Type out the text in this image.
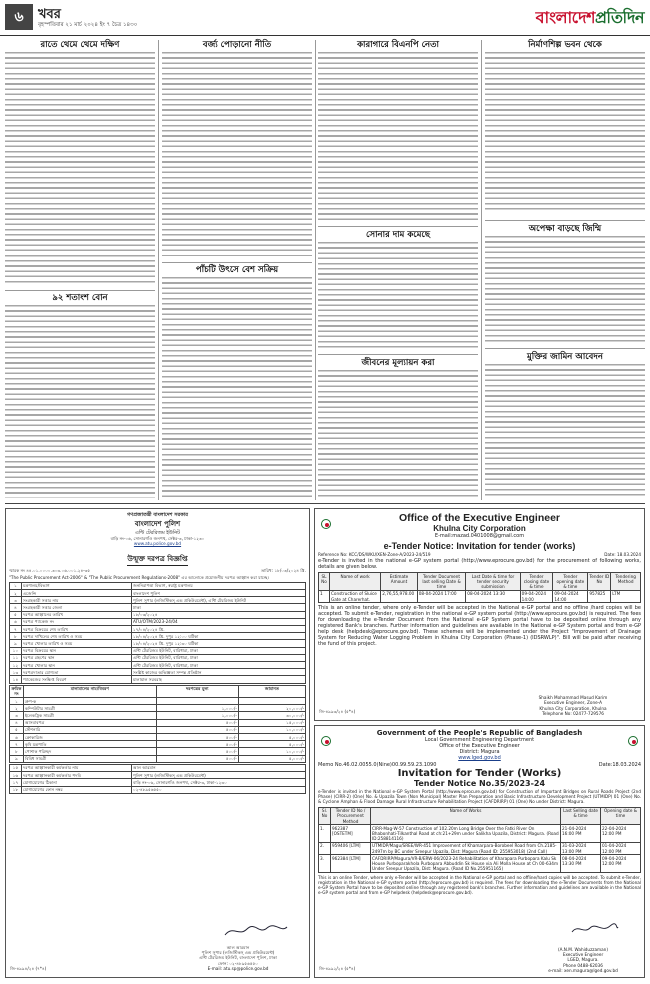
৬	খবর
বৃহস্পতিবার ২১ মার্চ ২০২৪ ইং ৭ চৈত্র ১৪৩০	বাংলাদেশ প্রতিদিন
রাতে থেমে থেমে দক্ষিণ	বর্জ্য পোড়ানো নীতি	কারাগারে বিএনপি নেতা	নির্মাণশিল্প ভবন থেকে
অপেক্ষা বাড়ছে জিম্মি
মুক্তির জামিন আবেদন
৯২ শতাংশ বোন
পাঁচটি উৎসে বেশ সক্রিয়
সোনার দাম কমেছে
জীবনের মূল্যায়ন করা
গণপ্রজাতন্ত্রী বাংলাদেশ সরকার
বাংলাদেশ পুলিশ
এন্টি টেররিজম ইউনিট
বাড়ি নং-০৬, সোনারগাঁও জনপথ, সেক্টর-৩, ঢাকা-১২৩০
www.atu.police.gov.bd
উন্মুক্ত দরপত্র বিজ্ঞপ্তি
স্মারক নং ৪৪.০১.০০০০.৩০৩.০৬.০০১.২৪-৩৫	তারিখ: ১৮/০৩/২০২৪ খ্রি.
"The Public Procurement Act-2006" & "The Public Procurement Regulations-2008" এর আলোকে প্রয়োজনীয় দরপত্র আহ্বান করা যাচ্ছে।
১	মন্ত্রণালয়/বিভাগ	জননিরাপত্তা বিভাগ, স্বরাষ্ট্র মন্ত্রণালয়
২	এজেন্সি	বাংলাদেশ পুলিশ
৩	সংগ্রহকারী সত্তার নাম	পুলিশ সুপার (লজিস্টিকস্ এন্ড প্রকিউরমেন্ট), এন্টি টেররিজম ইউনিট
৪	সংগ্রহকারী সত্তার জেলা	ঢাকা
৫	দরপত্র আহ্বানের তারিখ	১৮/০৩/২০২৪
৬	দরপত্র প্যাকেজ নং	ATU/OTM/2023-24/04
৭	দরপত্র বিক্রয়ের শেষ তারিখ	১৭/০৪/২০২৪ খ্রি.
৮	দরপত্র দাখিলের শেষ তারিখ ও সময়	১৮/০৪/২০২৪ খ্রি. দুপুর ১২:০০ ঘটিকা
৯	দরপত্র খোলার তারিখ ও সময়	১৮/০৪/২০২৪ খ্রি. দুপুর ১২:৩০ ঘটিকা
১০	দরপত্র বিক্রয়ের স্থান	এন্টি টেররিজম ইউনিট, বারিধারা, ঢাকা
১১	দরপত্র গ্রহণের স্থান	এন্টি টেররিজম ইউনিট, বারিধারা, ঢাকা
১২	দরপত্র খোলার স্থান	এন্টি টেররিজম ইউনিট, বারিধারা, ঢাকা
১৩	দরপত্রদাতার যোগ্যতা	সংশ্লিষ্ট কাজের অভিজ্ঞতা সম্পন্ন প্রতিষ্ঠান
১৪	প্যাকেজের সংক্ষিপ্ত বিবরণ	মালামাল সরবরাহ
ক্রমিক নং	মালামালের নাম/বিবরণ	দরপত্রের মূল্য	জামানত
১	গ্রুপ-ক		
২	কম্পিউটার সামগ্রী	১,০০০/-	২০,০০০/-
৩	ইলেকট্রিক সামগ্রী	১,০০০/-	৩০,০০০/-
৪	আসবাবপত্র	৫০০/-	১৫,০০০/-
৫	স্টেশনারি	৫০০/-	১০,০০০/-
৬	ক্রোকারিজ	৫০০/-	৫,০০০/-
৭	কৃষি যন্ত্রপাতি	৫০০/-	৫,০০০/-
৮	পোশাক পরিচ্ছদ	৫০০/-	১০,০০০/-
৯	বিবিধ সামগ্রী	৫০০/-	৫,০০০/-
১৫	দরপত্র আহ্বানকারী কর্মকর্তার নাম	আল আরমান
১৬	দরপত্র আহ্বানকারী কর্মকর্তার পদবি	পুলিশ সুপার (লজিস্টিকস্ এন্ড প্রকিউরমেন্ট)
১৭	যোগাযোগের ঠিকানা	বাড়ি নং-০৬, সোনারগাঁও জনপথ, সেক্টর-৩, ঢাকা-১২৩০
১৮	যোগাযোগের ফোন নম্বর	০২-৪৮৯৫৬৫৫০
আল আরমান
পুলিশ সুপার (লজিস্টিকস্ এন্ড প্রকিউরমেন্ট)
এন্টি টেররিজম ইউনিট, বাংলাদেশ পুলিশ, ঢাকা
ফোন: ০২-৪৮৯৫৬৫৫০
E-mail: atu.sp@police.gov.bd
জি-৪৯৯৪/২৪ (৭*৪)
Office of the Executive Engineer
Khulna City Corporation
E-mail:mazad.0401008@gmail.com
e-Tender Notice: Invitation for tender (works)
Reference No: KCC/DS/WKU/XEN-Zone-A/2023-24/519	Date: 18.03.2024
e-Tender is invited in the national e-GP system portal (http://www.eprocure.gov.bd) for the procurement of following works, details are given below.
SL No	Name of work	Estimate Amount	Tender Document last selling Date & time	Last Date & time for tender security submission	Tender closing date & time	Tender opening date & time	Tender ID No	Tendering Method
1	Construction of Sluice Gate at Charerhat.	2,76,55,978.00	08-04-2024 17:00	08-04-2024 13:30	09-04-2024 14:00	09-04-2024 14:00	957825	LTM
This is an online tender, where only e-Tender will be accepted in the National e-GP portal and no offline /hard copies will be accepted. To submit e-Tender, registration in the national e-GP system portal (http://www.eprocure.gov.bd) is required. The fees for downloading the e-Tender Document from the National e-GP System portal have to be deposited online through any registered Bank's branches. Further information and guidelines are available in the National e-GP System portal and from e-GP help desk (helpdesk@eprocure.gov.bd). These schemes will be implemented under the Project "Improvement of Drainage System for Reducing Water Logging Problem in Khulna City Corporation (Phase-1) (IDSRWLP)". Bill will be paid after receiving the fund of this project.
Shaikh Mohammad Masud Karim
Executive Engineer, Zone-A
Khulna City Corporation, Khulna
Telephone No: 02477-729576
জি-৪৯৯৩/২৪ (৫*৪)
Government of the People's Republic of Bangladesh
Local Government Engineering Department
Office of the Executive Engineer
District: Magura
www.lged.gov.bd
Memo No.46.02.0055.0(Nine)00.99.59.23.1090	Date:18.03.2024
Invitation for Tender (Works)
Tender Notice No.35/2023-24
e-Tender is invited in the National e-GP System Portal (http://www.eprocure.gov.bd) for Construction of Important Bridges on Rural Roads Project (2nd Phase) (CIRR-2) (One) No. & Upazila Town (Non Municipal) Master Plan Preparation and Basic Infrastructure Development Project (UTMIDP) 01 (One) No. & Cyclone Amphan & Flood Damage Rural Infrastructure Rehabilitation Project (CAFDRIRP) 01 (One) No under District: Magura.
Sl. No	Tender ID No / Procurement Method	Name of Works	Last Selling date & time	Opening date & time
1.	962387 [OSTETM]	CIRR-Mag-W-57 Construction of 102.20m Long Bridge Over the Fatki River On Bhabonhati-Tilkanthal Road at ch:21+29m under Salikha Upazila, District: Magura. (Road ID:258814116)	21-04-2024 16:00 PM	22-04-2024 12:00 PM
2.	959406 [LTM]	UTMIDP/Magu/SREE/WR-451 Improvement of Khamarpara-Borobeel Road from Ch.2185-2497m by BC under Sreepur Upazila, Dist: Magura (Road ID: 255953018) (2nd Call)	31-03-2024 13:00 PM	01-04-2024 12:00 PM
3.	962384 [LTM]	CAFDRIRP/Magura/VR-B/ERW-06/2023-24 Rehabilitation of Kharapara Purbopara Kalu Sk House Purboparakhola Purbopara Abbuddin Sk House via Ali Molla House at Ch 00-634m Under Sreepur Upazila, Dist: Magura. (Road ID No.255951165)	08-04-2024 13:30 PM	09-04-2024 12:00 PM
This is an online Tender, where only e-Tender will be accepted in the National e-GP portal and no offline/hard copies will be accepted. To submit e-Tender, registration in the National e-GP system portal (http://eprocure.gov.bd) is required. The fees for downloading the e-Tender Documents from the National e-GP System Portal have to be deposited online through any registered bank's branches. Further information and guidelines are available in the National e-GP system portal and from e-GP helpdesk (helpdesk@eprocure.gov.bd).
(A.N.M. Wahiduzzaman)
Executive Engineer
LGED, Magura.
Phone 0488-62036
e-mail: xen.magura@lged.gov.bd
জি-৪৯৯২/২৪ (৫*৪)
